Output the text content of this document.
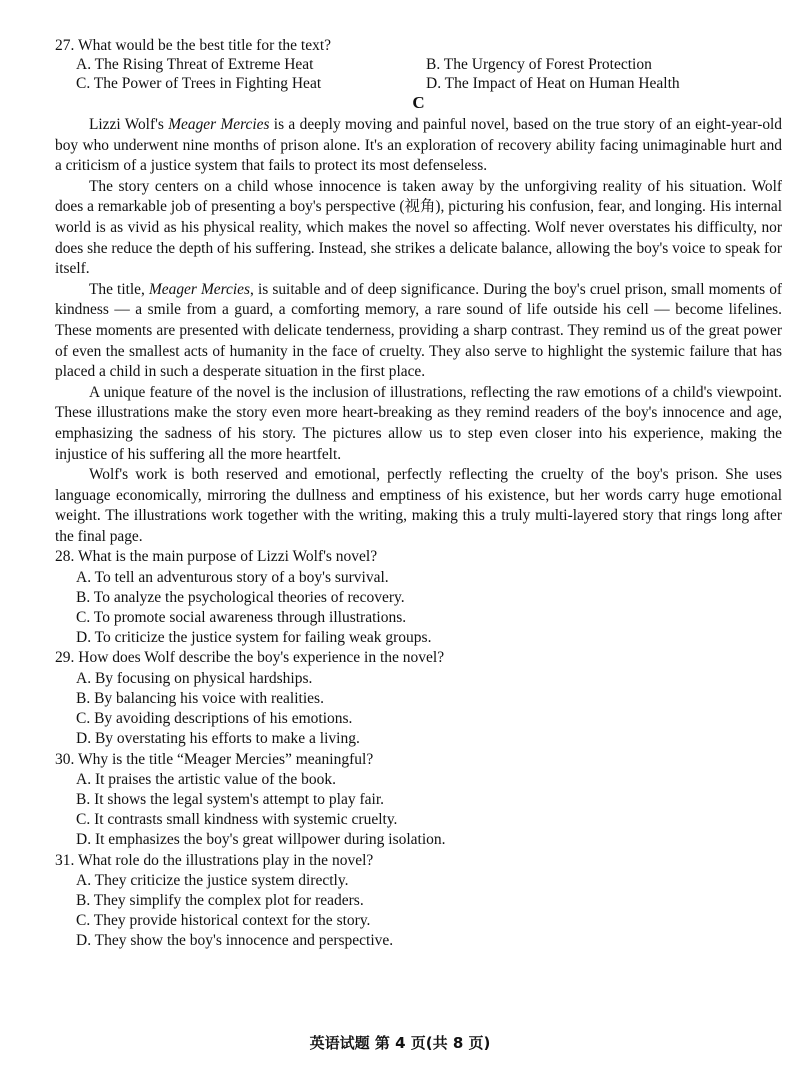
27. What would be the best title for the text?

A. The Rising Threat of Extreme Heat	B. The Urgency of Forest Protection
C. The Power of Trees in Fighting Heat	D. The Impact of Heat on Human Health
C

Lizzi Wolf's Meager Mercies is a deeply moving and painful novel, based on the true story of an eight-year-old boy who underwent nine months of prison alone. It's an exploration of recovery ability facing unimaginable hurt and a criticism of a justice system that fails to protect its most defenseless.

The story centers on a child whose innocence is taken away by the unforgiving reality of his situation. Wolf does a remarkable job of presenting a boy's perspective (视角), picturing his confusion, fear, and longing. His internal world is as vivid as his physical reality, which makes the novel so affecting. Wolf never overstates his difficulty, nor does she reduce the depth of his suffering. Instead, she strikes a delicate balance, allowing the boy's voice to speak for itself.

The title, Meager Mercies, is suitable and of deep significance. During the boy's cruel prison, small moments of kindness — a smile from a guard, a comforting memory, a rare sound of life outside his cell — become lifelines. These moments are presented with delicate tenderness, providing a sharp contrast. They remind us of the great power of even the smallest acts of humanity in the face of cruelty. They also serve to highlight the systemic failure that has placed a child in such a desperate situation in the first place.

A unique feature of the novel is the inclusion of illustrations, reflecting the raw emotions of a child's viewpoint. These illustrations make the story even more heart-breaking as they remind readers of the boy's innocence and age, emphasizing the sadness of his story. The pictures allow us to step even closer into his experience, making the injustice of his suffering all the more heartfelt.

Wolf's work is both reserved and emotional, perfectly reflecting the cruelty of the boy's prison. She uses language economically, mirroring the dullness and emptiness of his existence, but her words carry huge emotional weight. The illustrations work together with the writing, making this a truly multi-layered story that rings long after the final page.

28. What is the main purpose of Lizzi Wolf's novel?
A. To tell an adventurous story of a boy's survival.
B. To analyze the psychological theories of recovery.
C. To promote social awareness through illustrations.
D. To criticize the justice system for failing weak groups.
29. How does Wolf describe the boy's experience in the novel?
A. By focusing on physical hardships.
B. By balancing his voice with realities.
C. By avoiding descriptions of his emotions.
D. By overstating his efforts to make a living.
30. Why is the title “Meager Mercies” meaningful?
A. It praises the artistic value of the book.
B. It shows the legal system's attempt to play fair.
C. It contrasts small kindness with systemic cruelty.
D. It emphasizes the boy's great willpower during isolation.
31. What role do the illustrations play in the novel?
A. They criticize the justice system directly.
B. They simplify the complex plot for readers.
C. They provide historical context for the story.
D. They show the boy's innocence and perspective.
英语试题 第 4 页(共 8 页)
